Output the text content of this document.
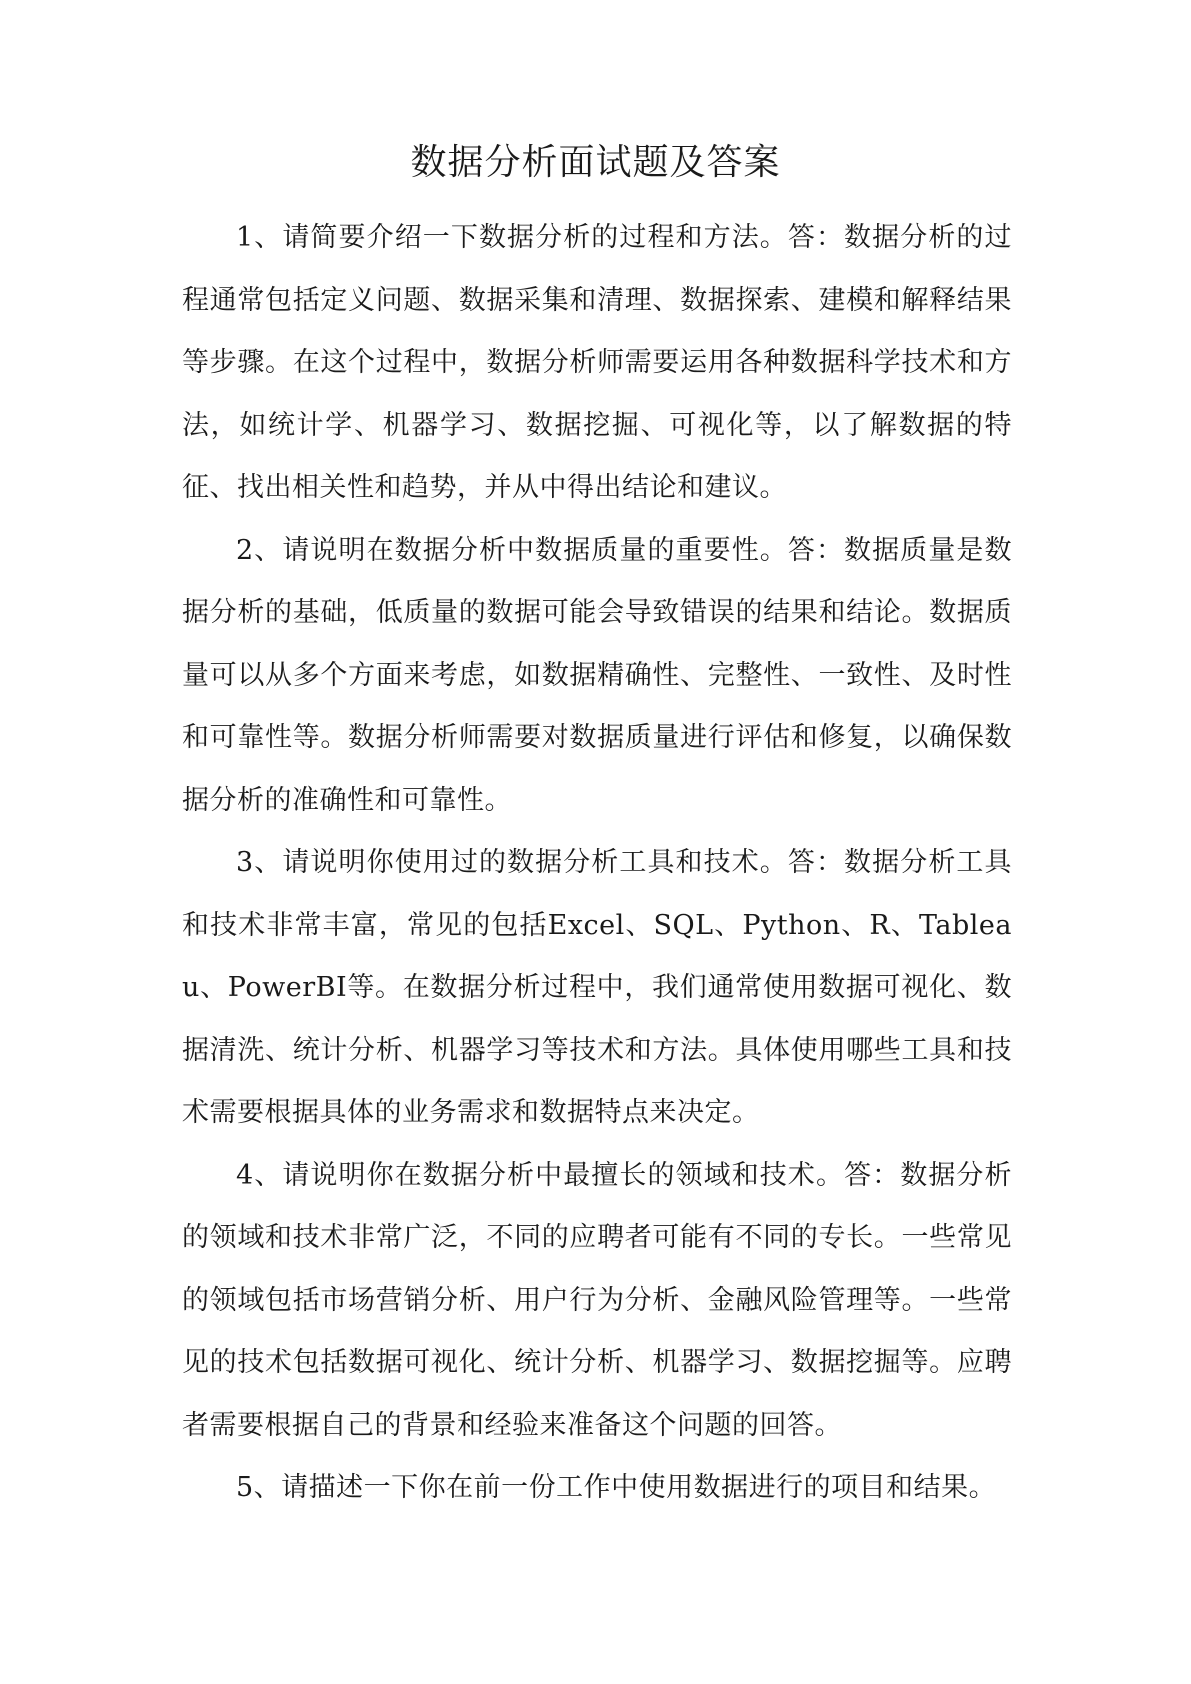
数据分析面试题及答案

1、请简要介绍一下数据分析的过程和方法。答：数据分析的过程通常包括定义问题、数据采集和清理、数据探索、建模和解释结果等步骤。在这个过程中，数据分析师需要运用各种数据科学技术和方法，如统计学、机器学习、数据挖掘、可视化等，以了解数据的特征、找出相关性和趋势，并从中得出结论和建议。

2、请说明在数据分析中数据质量的重要性。答：数据质量是数据分析的基础，低质量的数据可能会导致错误的结果和结论。数据质量可以从多个方面来考虑，如数据精确性、完整性、一致性、及时性和可靠性等。数据分析师需要对数据质量进行评估和修复，以确保数据分析的准确性和可靠性。

3、请说明你使用过的数据分析工具和技术。答：数据分析工具和技术非常丰富，常见的包括Excel、SQL、Python、R、Tableau、PowerBI等。在数据分析过程中，我们通常使用数据可视化、数据清洗、统计分析、机器学习等技术和方法。具体使用哪些工具和技术需要根据具体的业务需求和数据特点来决定。

4、请说明你在数据分析中最擅长的领域和技术。答：数据分析的领域和技术非常广泛，不同的应聘者可能有不同的专长。一些常见的领域包括市场营销分析、用户行为分析、金融风险管理等。一些常见的技术包括数据可视化、统计分析、机器学习、数据挖掘等。应聘者需要根据自己的背景和经验来准备这个问题的回答。

5、请描述一下你在前一份工作中使用数据进行的项目和结果。
